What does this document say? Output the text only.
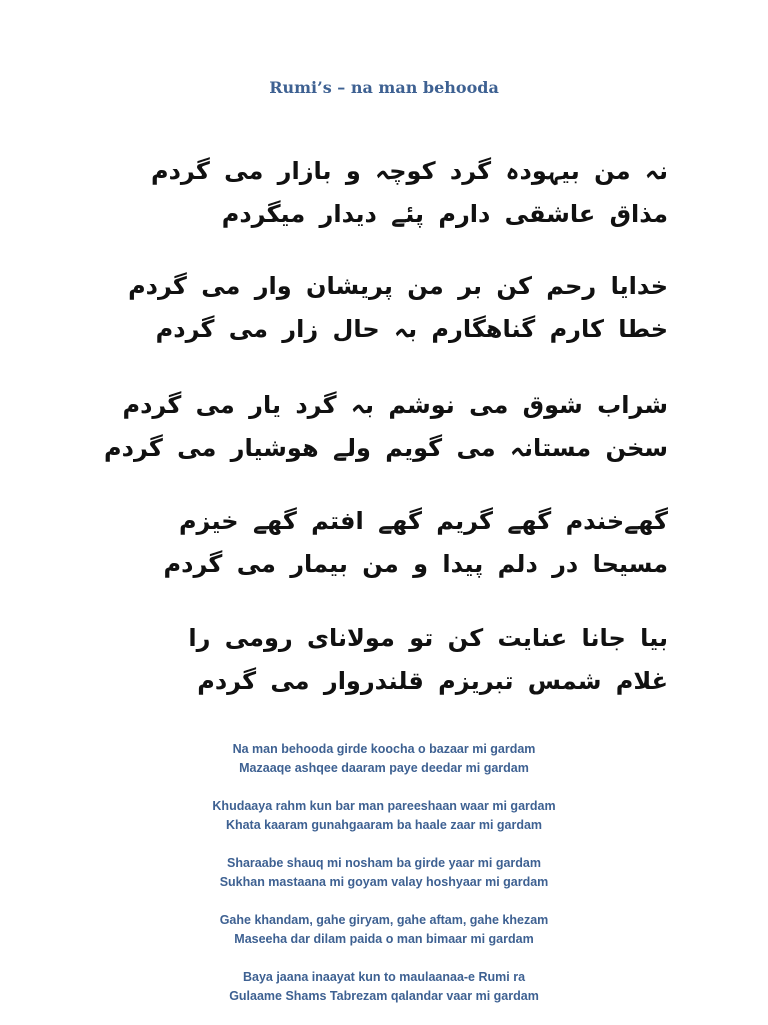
Rumi’s – na man behooda
نہ من بیہودہ گرد کوچہ و بازار می گردم
مذاق عاشقی دارم پئے دیدار میگردم
خدایا رحم کن بر من پریشان وار می گردم
خطا کارم گناھگارم بہ حال زار می گردم
شراب شوق می نوشم بہ گرد یار می گردم
سخن مستانہ می گویم ولے ھوشیار می گردم
گھےخندم گھے گریم گھے افتم گھے خیزم
مسیحا در دلم پیدا و من بیمار می گردم
بیا جانا عنایت کن تو مولانای رومی را
غلام شمس تبریزم قلندروار می گردم
Na man behooda girde koocha o bazaar mi gardam
Mazaaqe ashqee daaram paye deedar mi gardam
Khudaaya rahm kun bar man pareeshaan waar mi gardam
Khata kaaram gunahgaaram ba haale zaar mi gardam
Sharaabe shauq mi nosham ba girde yaar mi gardam
Sukhan mastaana mi goyam valay hoshyaar mi gardam
Gahe khandam, gahe giryam, gahe aftam, gahe khezam
Maseeha dar dilam paida o man bimaar mi gardam
Baya jaana inaayat kun to maulaanaa-e Rumi ra
Gulaame Shams Tabrezam qalandar vaar mi gardam
